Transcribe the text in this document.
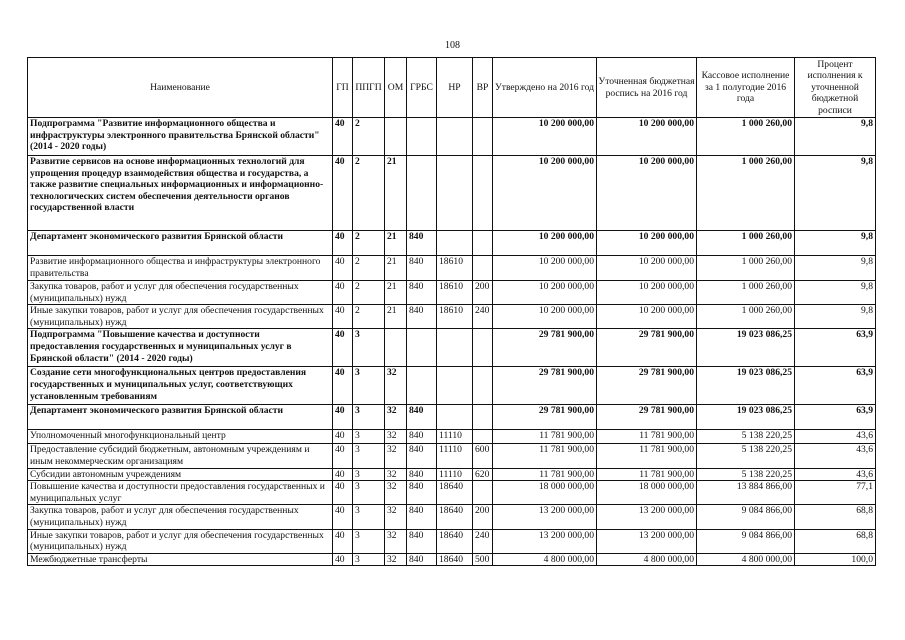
108
Наименование	ГП	ППГП	ОМ	ГРБС	НР	ВР	Утверждено на 2016 год	Уточненная бюджетная роспись на 2016 год	Кассовое исполнение за 1 полугодие 2016 года	Процент исполнения к уточненной бюджетной росписи
Подпрограмма "Развитие информационного общества и инфраструктуры электронного правительства Брянской области" (2014 - 2020 годы)	40	2					10 200 000,00	10 200 000,00	1 000 260,00	9,8
Развитие сервисов на основе информационных технологий для упрощения процедур взаимодействия общества и государства, а также развитие специальных информационных и информационно-технологических систем обеспечения деятельности органов государственной власти	40	2	21				10 200 000,00	10 200 000,00	1 000 260,00	9,8
Департамент экономического развития Брянской области	40	2	21	840			10 200 000,00	10 200 000,00	1 000 260,00	9,8
Развитие информационного общества и инфраструктуры электронного правительства	40	2	21	840	18610		10 200 000,00	10 200 000,00	1 000 260,00	9,8
Закупка товаров, работ и услуг для обеспечения государственных (муниципальных) нужд	40	2	21	840	18610	200	10 200 000,00	10 200 000,00	1 000 260,00	9,8
Иные закупки товаров, работ и услуг для обеспечения государственных (муниципальных) нужд	40	2	21	840	18610	240	10 200 000,00	10 200 000,00	1 000 260,00	9,8
Подпрограмма "Повышение качества и доступности предоставления государственных и муниципальных услуг в Брянской области" (2014 - 2020 годы)	40	3					29 781 900,00	29 781 900,00	19 023 086,25	63,9
Создание сети многофункциональных центров предоставления государственных и муниципальных услуг, соответствующих установленным требованиям	40	3	32				29 781 900,00	29 781 900,00	19 023 086,25	63,9
Департамент экономического развития Брянской области	40	3	32	840			29 781 900,00	29 781 900,00	19 023 086,25	63,9
Уполномоченный многофункциональный центр	40	3	32	840	11110		11 781 900,00	11 781 900,00	5 138 220,25	43,6
Предоставление субсидий бюджетным, автономным учреждениям и иным некоммерческим организациям	40	3	32	840	11110	600	11 781 900,00	11 781 900,00	5 138 220,25	43,6
Субсидии автономным учреждениям	40	3	32	840	11110	620	11 781 900,00	11 781 900,00	5 138 220,25	43,6
Повышение качества и доступности предоставления государственных и муниципальных услуг	40	3	32	840	18640		18 000 000,00	18 000 000,00	13 884 866,00	77,1
Закупка товаров, работ и услуг для обеспечения государственных (муниципальных) нужд	40	3	32	840	18640	200	13 200 000,00	13 200 000,00	9 084 866,00	68,8
Иные закупки товаров, работ и услуг для обеспечения государственных (муниципальных) нужд	40	3	32	840	18640	240	13 200 000,00	13 200 000,00	9 084 866,00	68,8
Межбюджетные трансферты	40	3	32	840	18640	500	4 800 000,00	4 800 000,00	4 800 000,00	100,0
